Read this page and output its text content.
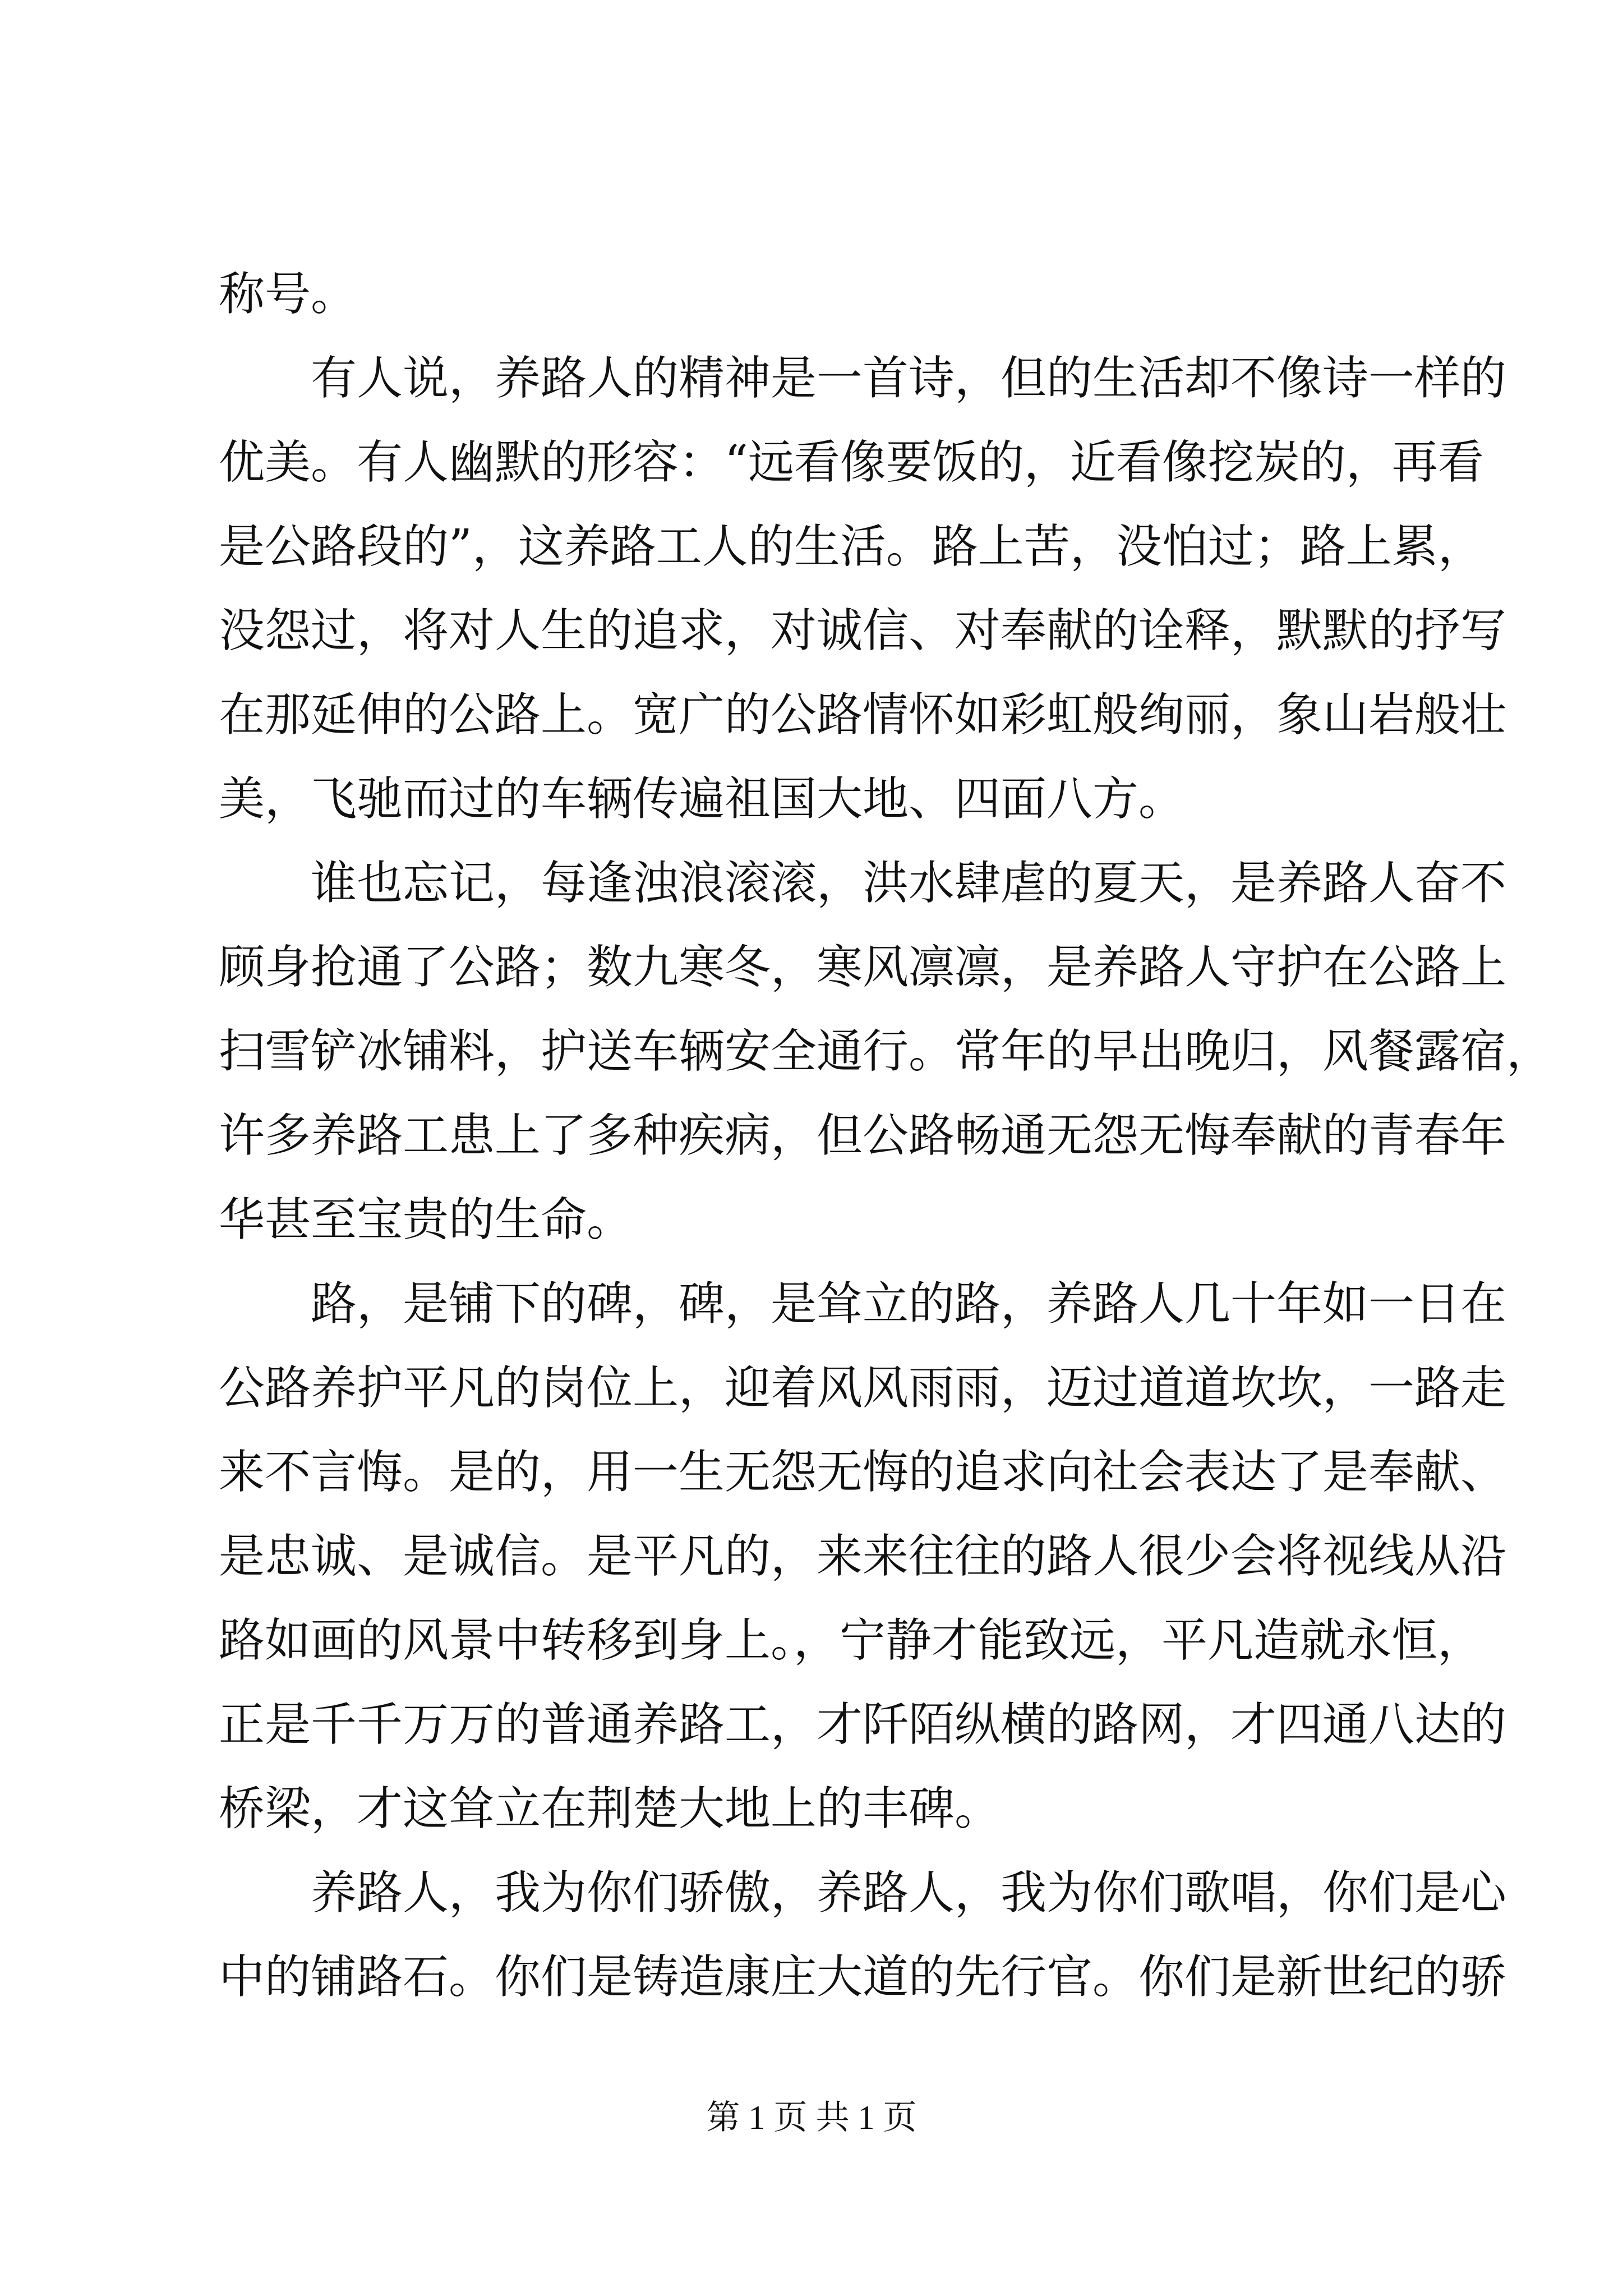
称号。
　　有人说，养路人的精神是一首诗，但的生活却不像诗一样的
优美。有人幽默的形容：“远看像要饭的，近看像挖炭的，再看
是公路段的”，这养路工人的生活。路上苦，没怕过；路上累，
没怨过，将对人生的追求，对诚信、对奉献的诠释，默默的抒写
在那延伸的公路上。宽广的公路情怀如彩虹般绚丽，象山岩般壮
美，飞驰而过的车辆传遍祖国大地、四面八方。
　　谁也忘记，每逢浊浪滚滚，洪水肆虐的夏天，是养路人奋不
顾身抢通了公路；数九寒冬，寒风凛凛，是养路人守护在公路上
扫雪铲冰铺料，护送车辆安全通行。常年的早出晚归，风餐露宿，
许多养路工患上了多种疾病，但公路畅通无怨无悔奉献的青春年
华甚至宝贵的生命。
　　路，是铺下的碑，碑，是耸立的路，养路人几十年如一日在
公路养护平凡的岗位上，迎着风风雨雨，迈过道道坎坎，一路走
来不言悔。是的，用一生无怨无悔的追求向社会表达了是奉献、
是忠诚、是诚信。是平凡的，来来往往的路人很少会将视线从沿
路如画的风景中转移到身上。，宁静才能致远，平凡造就永恒，
正是千千万万的普通养路工，才阡陌纵横的路网，才四通八达的
桥梁，才这耸立在荆楚大地上的丰碑。
　　养路人，我为你们骄傲，养路人，我为你们歌唱，你们是心
中的铺路石。你们是铸造康庄大道的先行官。你们是新世纪的骄
第 1 页 共 1 页
